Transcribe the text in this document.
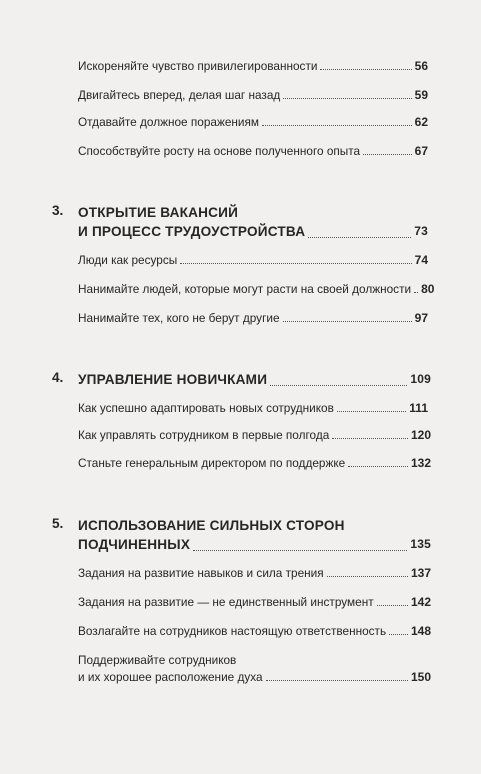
Искореняйте чувство привилегированности	56
Двигайтесь вперед, делая шаг назад	59
Отдавайте должное поражениям	62
Способствуйте росту на основе полученного опыта	67
3. ОТКРЫТИЕ ВАКАНСИЙ
И ПРОЦЕСС ТРУДОУСТРОЙСТВА	73
Люди как ресурсы	74
Нанимайте людей, которые могут расти на своей должности 80
Нанимайте тех, кого не берут другие	97
4. УПРАВЛЕНИЕ НОВИЧКАМИ	109
Как успешно адаптировать новых сотрудников	111
Как управлять сотрудником в первые полгода	120
Станьте генеральным директором по поддержке	132
5. ИСПОЛЬЗОВАНИЕ СИЛЬНЫХ СТОРОН
ПОДЧИНЕННЫХ	135
Задания на развитие навыков и сила трения	137
Задания на развитие — не единственный инструмент	142
Возлагайте на сотрудников настоящую ответственность 148
Поддерживайте сотрудников
и их хорошее расположение духа	150
